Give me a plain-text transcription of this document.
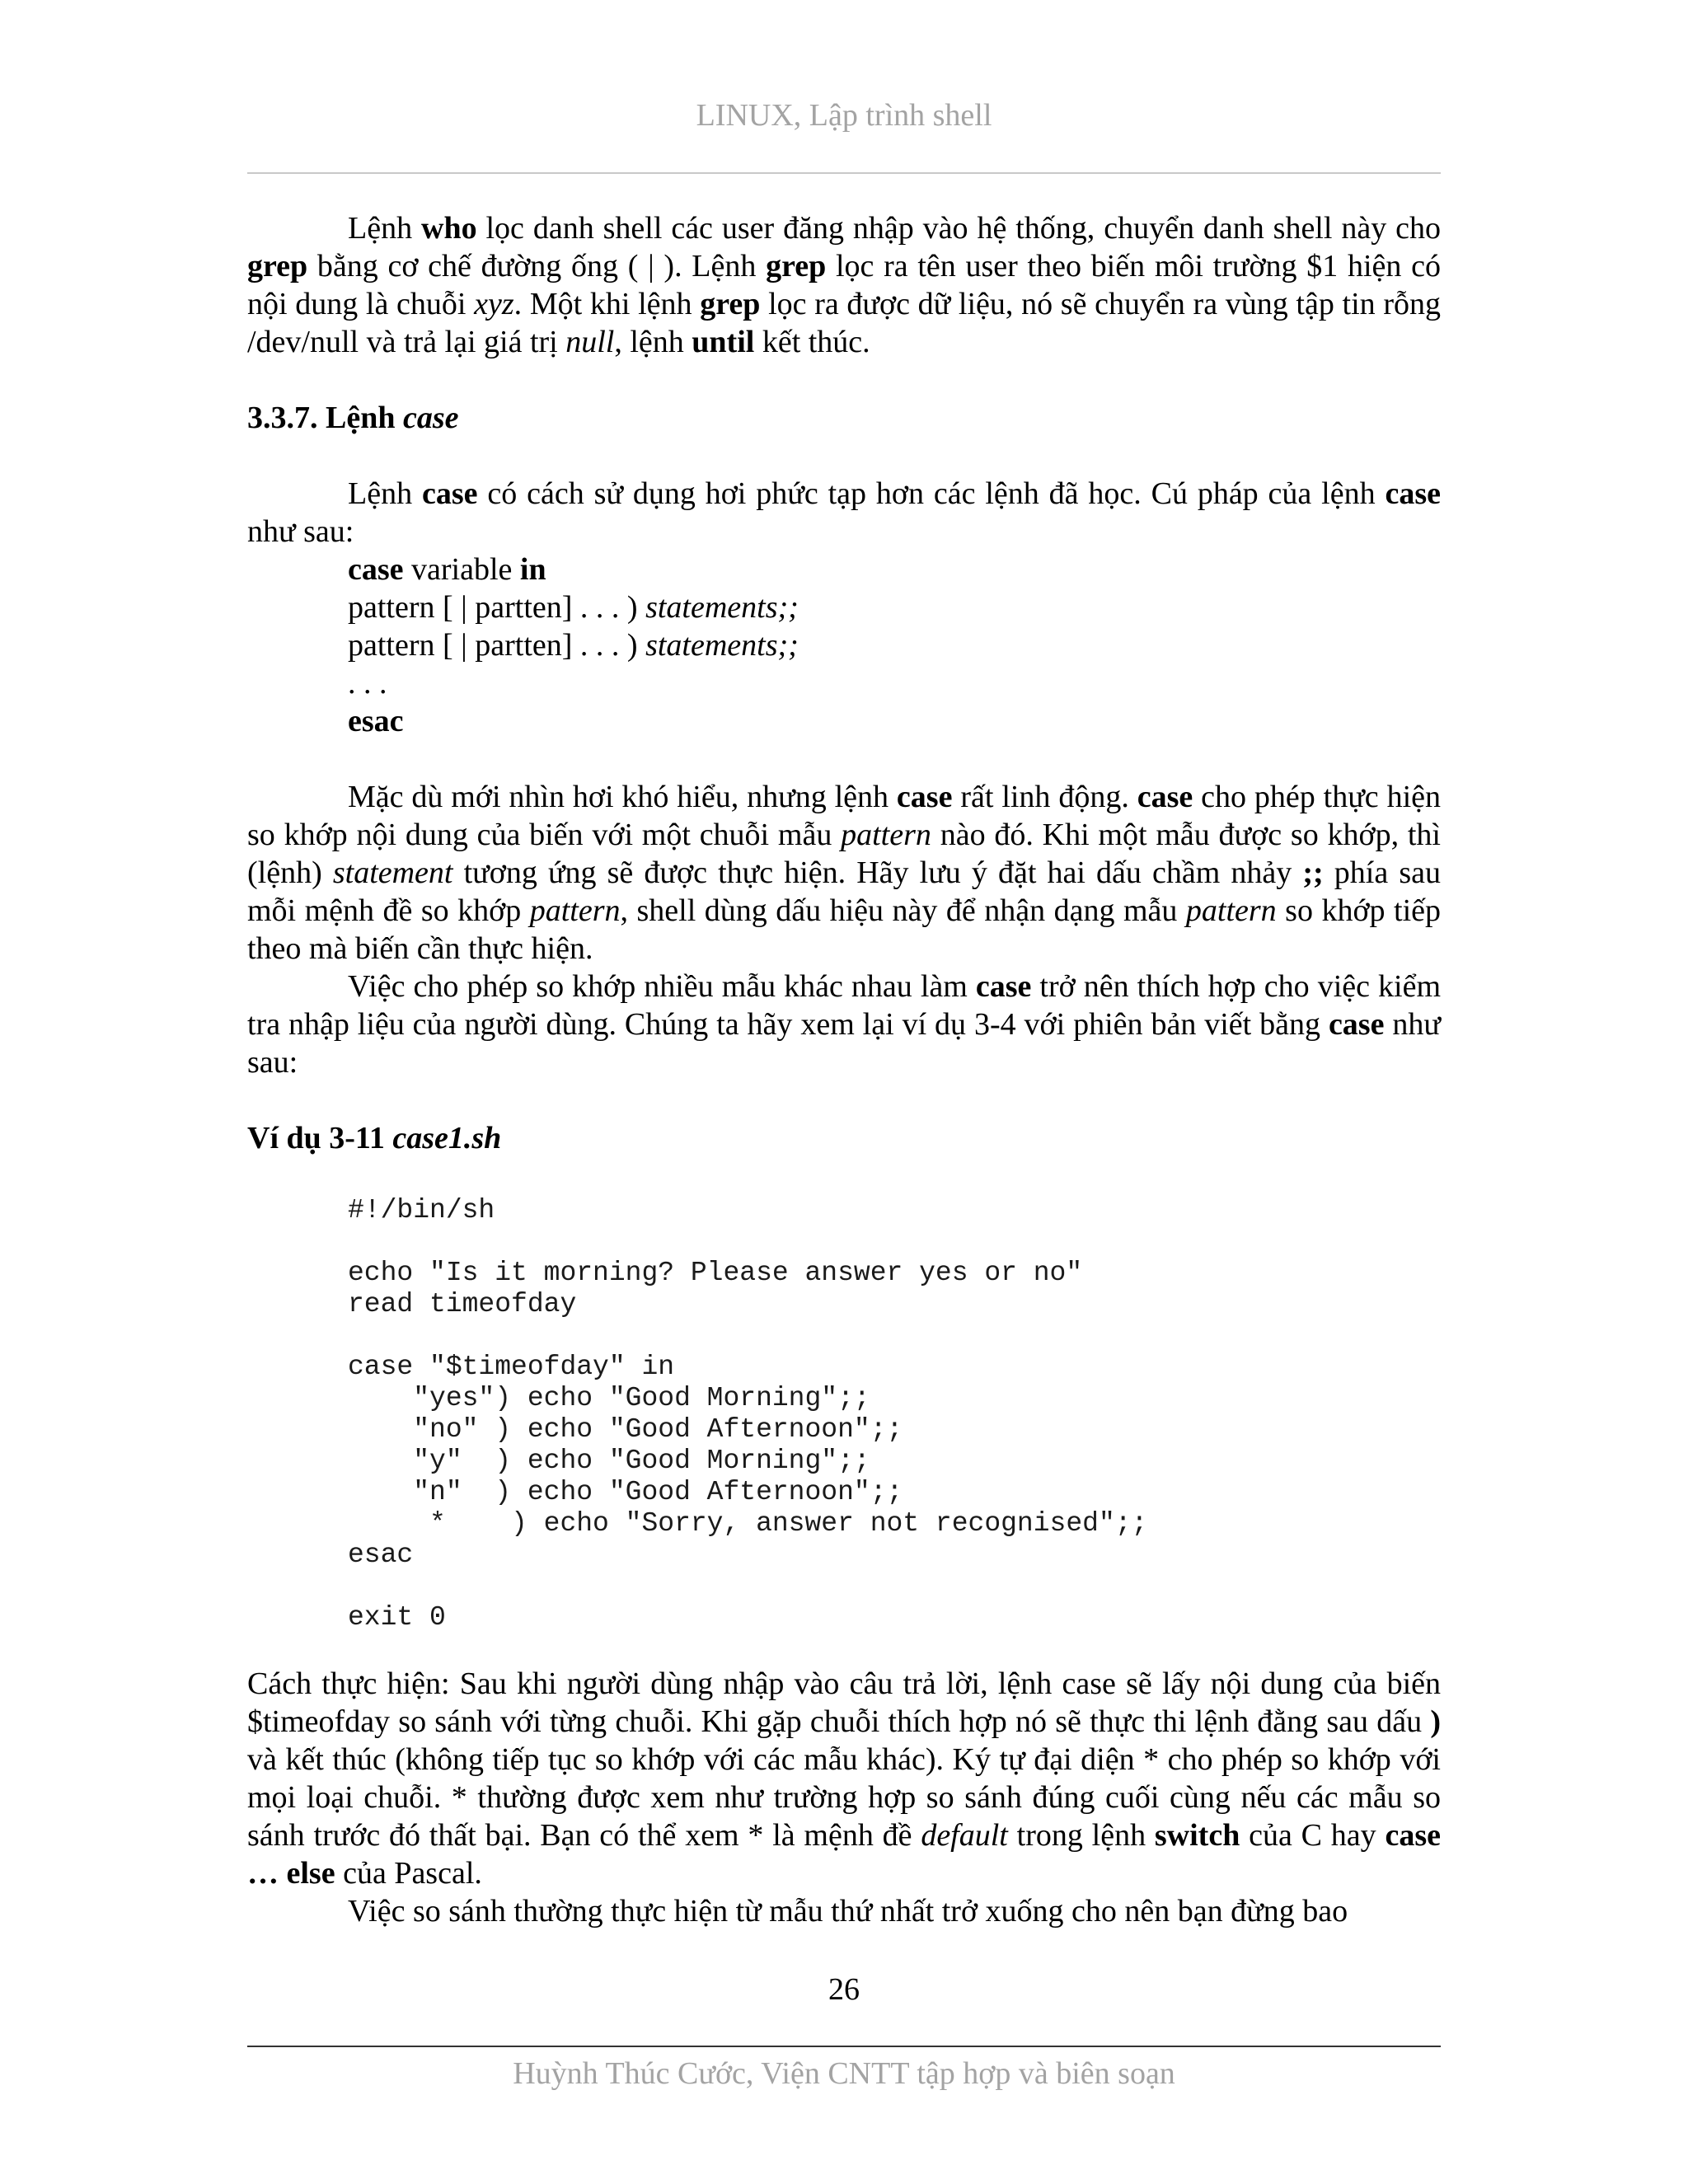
LINUX, Lập trình shell

Lệnh who lọc danh shell các user đăng nhập vào hệ thống, chuyển danh shell này cho grep bằng cơ chế đường ống ( | ). Lệnh grep lọc ra tên user theo biến môi trường $1 hiện có nội dung là chuỗi xyz. Một khi lệnh grep lọc ra được dữ liệu, nó sẽ chuyển ra vùng tập tin rỗng /dev/null và trả lại giá trị null, lệnh until kết thúc.

3.3.7. Lệnh case

Lệnh case có cách sử dụng hơi phức tạp hơn các lệnh đã học. Cú pháp của lệnh case như sau:

case variable in
pattern [ | partten] . . . ) statements;;
pattern [ | partten] . . . ) statements;;
. . .
esac

Mặc dù mới nhìn hơi khó hiểu, nhưng lệnh case rất linh động. case cho phép thực hiện so khớp nội dung của biến với một chuỗi mẫu pattern nào đó. Khi một mẫu được so khớp, thì (lệnh) statement tương ứng sẽ được thực hiện. Hãy lưu ý đặt hai dấu chầm nhảy ;; phía sau mỗi mệnh đề so khớp pattern, shell dùng dấu hiệu này để nhận dạng mẫu pattern so khớp tiếp theo mà biến cần thực hiện.

Việc cho phép so khớp nhiều mẫu khác nhau làm case trở nên thích hợp cho việc kiểm tra nhập liệu của người dùng. Chúng ta hãy xem lại ví dụ 3-4 với phiên bản viết bằng case như sau:

Ví dụ 3-11 case1.sh

#!/bin/sh

echo "Is it morning? Please answer yes or no"
read timeofday

case "$timeofday" in
"yes") echo "Good Morning";;
"no" ) echo "Good Afternoon";;
"y"  ) echo "Good Morning";;
"n"  ) echo "Good Afternoon";;
*    ) echo "Sorry, answer not recognised";;
esac

exit 0

Cách thực hiện: Sau khi người dùng nhập vào câu trả lời, lệnh case sẽ lấy nội dung của biến $timeofday so sánh với từng chuỗi. Khi gặp chuỗi thích hợp nó sẽ thực thi lệnh đằng sau dấu ) và kết thúc (không tiếp tục so khớp với các mẫu khác). Ký tự đại diện * cho phép so khớp với mọi loại chuỗi. * thường được xem như trường hợp so sánh đúng cuối cùng nếu các mẫu so sánh trước đó thất bại. Bạn có thể xem * là mệnh đề default trong lệnh switch của C hay case … else của Pascal.

Việc so sánh thường thực hiện từ mẫu thứ nhất trở xuống cho nên bạn đừng bao

26
Huỳnh Thúc Cước, Viện CNTT tập hợp và biên soạn
